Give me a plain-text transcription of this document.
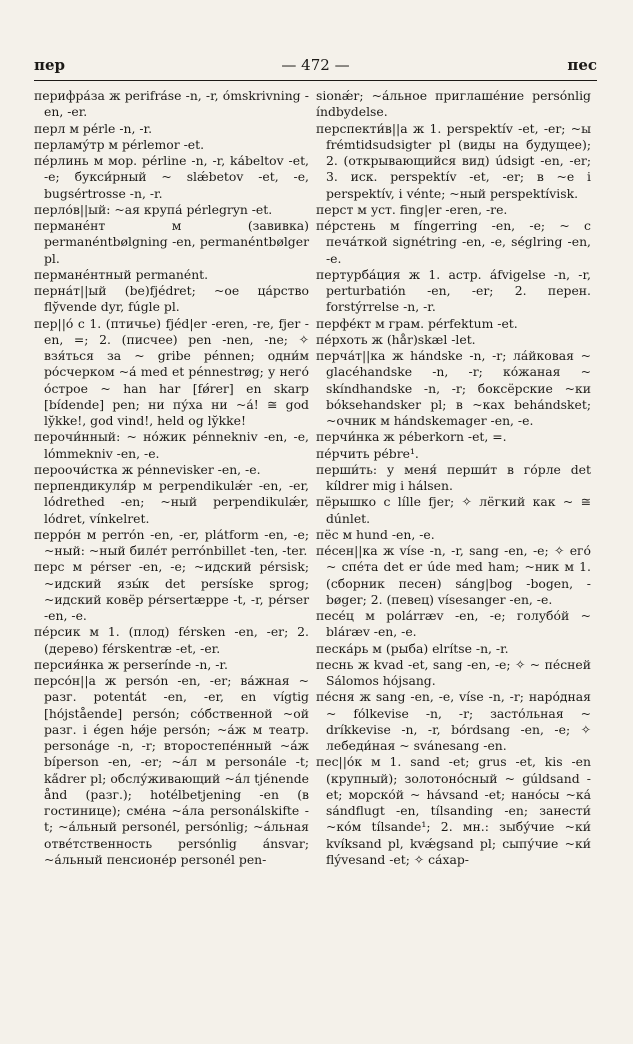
пер	— 472 —	пес

перифра́за ж perifrа́se -n, -r, о́mskrivning -en, -er.

перл м pе́rle -n, -r.

перламу́тр м pе́rlemor -et.

пе́рлинь м мор. pе́rline -n, -r, kа́beltov -et, -e; букси́рный ~ slǽbetov -et, -e, bugsе́rtrosse -n, -r.

перло́в||ый: ~ая крупа́ pе́rlegryn -et.

перманéнт м (завивка) permanе́ntbølgning -en, permanе́ntbølger pl.

перманéнтный permanе́nt.

перна́т||ый (be)fjédret; ~ое ца́рство fly̆vende dyr, fúgle pl.

пер||о́ с 1. (птичье) fjéd|er -eren, -re, fjer -en, =; 2. (писчее) pen -nen, -ne; ✧ взя́ться за ~ gribe pénnen; одни́м ро́счерком ~а́ med et pénnestrøg; у него́ о́строе ~ han har [fǿrer] en skarp [bídende] pen; ни пу́ха ни ~а́! ≅ god ly̆kke!, god vind!, held og ly̆kke!

перочи́нный: ~ но́жик pénnekniv -en, -e, lо́mmekniv -en, -e.

пероочи́стка ж pénnevisker -en, -e.

перпендикуля́р м perpendikulǽr -en, -er, lо́drethed -en; ~ный perpendikulǽr, lо́dret, vínkelret.

перро́н м perrо́n -en, -er, plа́tform -en, -e; ~ный: ~ный биле́т perrо́nbillet -ten, -ter.

перс м pе́rser -en, -e; ~идский pе́rsisk; ~идский язы́к det persíske sprog; ~идский ковёр pе́rsertæppe -t, -r, pе́rser -en, -e.

пе́рсик м 1. (плод) fе́rsken -en, -er; 2. (дерево) fе́rskentræ -et, -er.

персия́нка ж perserínde -n, -r.

персо́н||а ж persо́n -en, -er; ва́жная ~ разг. potentа́t -en, -er, en vígtig [hо́jstående] persо́n; со́бственной ~ой разг. i égen hǿje persо́n; ~а́ж м театр. personа́ge -n, -r; второстепе́нный ~а́ж bíperson -en, -er; ~а́л м personа́le -t; ka̋drer pl; обслу́живающий ~а́л tjénende ånd (разг.); hotе́lbetjening -en (в гостинице); сме́на ~а́ла personа́lskifte -t; ~а́льный personе́l, persо́nlig; ~а́льная отве́тственность persо́nlig а́nsvar; ~а́льный пенсионе́р personе́l pen-

sionǽr; ~а́льное приглаше́ние persо́nlig índbydelse.

перспекти́в||а ж 1. perspektív -et, -er; ~ы frе́mtidsudsigter pl (виды на будущее); 2. (открывающийся вид) údsigt -en, -er; 3. иск. perspektív -et, -er; в ~е i perspektív, i vе́nte; ~ный perspektívisk.

перст м уст. fing|er -eren, -re.

пе́рстень м fíngerring -en, -e; ~ с печа́ткой signе́tring -en, -e, sе́glring -en, -e.

пертурба́ция ж 1. астр. а́fvigelse -n, -r, perturbatiо́n -en, -er; 2. перен. forstýrrelse -n, -r.

перфе́кт м грам. pе́rfektum -et.

пе́рхоть ж (hа̊r)skæl -let.

перча́т||ка ж hа́ndske -n, -r; ла́йковая ~ glacéhandske -n, -r; ко́жаная ~ skíndhandske -n, -r; боксёрские ~ки bо́ksehandsker pl; в ~ках behа́ndsket; ~очник м hа́ndskemager -en, -e.

перчи́нка ж pе́berkorn -et, =.

пе́рчить pе́bre¹.

перши́ть: у меня́ перши́т в го́рле det kíldrer mig i hа́lsen.

пёрышко с lílle fjer; ✧ лёгкий как ~ ≅ dúnlet.

пёс м hund -en, -e.

пе́сен||ка ж víse -n, -r, sang -en, -e; ✧ его́ ~ спе́та det er úde med ham; ~ник м 1. (сборник песен) sа́ng|bog -bogen, -bøger; 2. (певец) vísesanger -en, -e.

песе́ц м polа́rræv -en, -e; голубо́й ~ blа́ræv -en, -e.

песка́рь м (рыба) elrítse -n, -r.

песнь ж kvad -et, sang -en, -e; ✧ ~ пе́сней Sа́lomos hо́jsang.

пе́сня ж sang -en, -e, víse -n, -r; наро́дная ~ fо́lkevise -n, -r; засто́льная ~ dríkkevise -n, -r, bо́rdsang -en, -e; ✧ лебеди́ная ~ svа́nesang -en.

пес||о́к м 1. sand -et; grus -et, kis -en (крупный); золотоно́сный ~ gúldsand -et; морско́й ~ hа́vsand -et; нано́сы ~ка́ sа́ndflugt -en, tílsanding -en; занести́ ~ко́м tílsande¹; 2. мн.: зыбу́чие ~ки́ kvíksand pl, kvǽgsand pl; сыпу́чие ~ки́ flývesand -et; ✧ са́хар-
